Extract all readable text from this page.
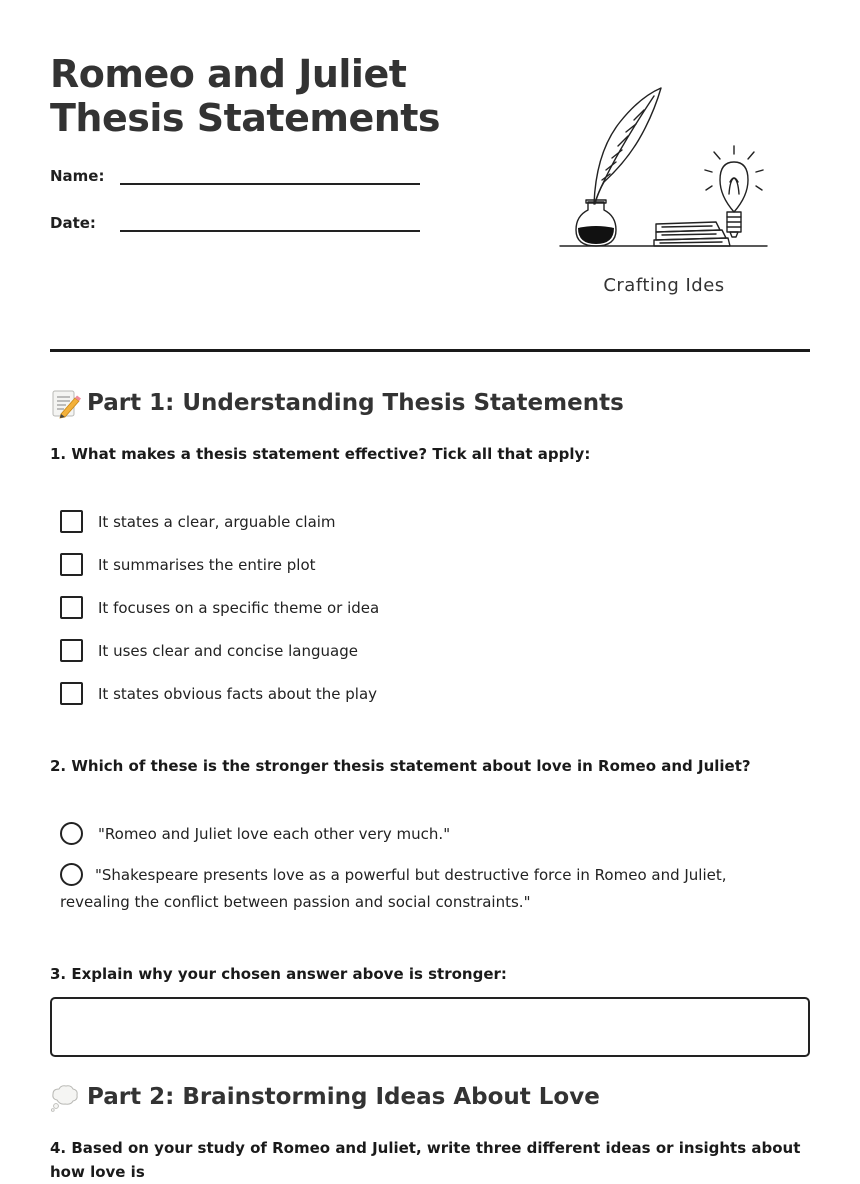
Romeo and Juliet Thesis Statements
Name:
Date:
Crafting Ides
Part 1: Understanding Thesis Statements
1. What makes a thesis statement effective? Tick all that apply:
It states a clear, arguable claim
It summarises the entire plot
It focuses on a specific theme or idea
It uses clear and concise language
It states obvious facts about the play
2. Which of these is the stronger thesis statement about love in Romeo and Juliet?
"Romeo and Juliet love each other very much."
"Shakespeare presents love as a powerful but destructive force in Romeo and Juliet, revealing the conflict between passion and social constraints."
3. Explain why your chosen answer above is stronger:
Part 2: Brainstorming Ideas About Love
4. Based on your study of Romeo and Juliet, write three different ideas or insights about how love is
